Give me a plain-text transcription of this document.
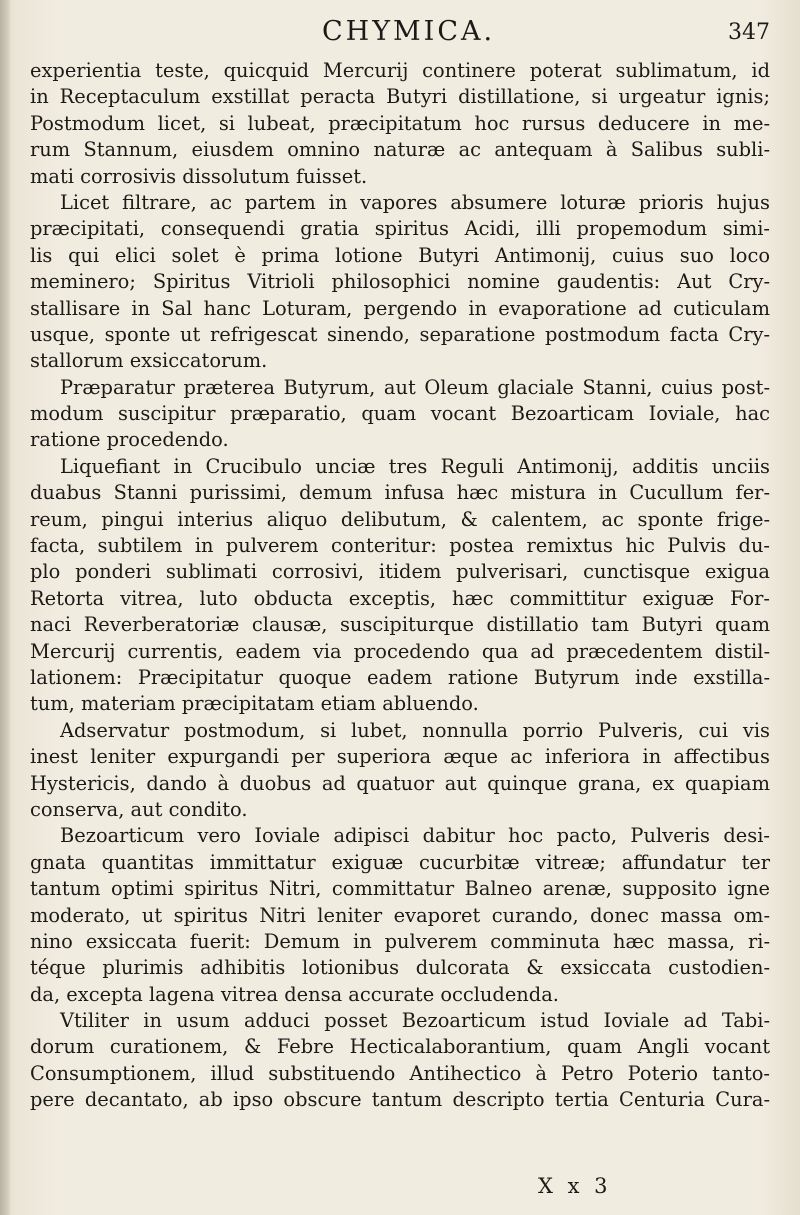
CHYMICA.	347
experientia teste, quicquid Mercurij continere poterat sublimatum, id
in Receptaculum exstillat peracta Butyri distillatione, si urgeatur ignis;
Postmodum licet, si lubeat, præcipitatum hoc rursus deducere in me-
rum Stannum, eiusdem omnino naturæ ac antequam à Salibus subli-
mati corrosivis dissolutum fuisset.
Licet filtrare, ac partem in vapores absumere loturæ prioris hujus
præcipitati, consequendi gratia spiritus Acidi, illi propemodum simi-
lis qui elici solet è prima lotione Butyri Antimonij, cuius suo loco
meminero; Spiritus Vitrioli philosophici nomine gaudentis: Aut Cry-
stallisare in Sal hanc Loturam, pergendo in evaporatione ad cuticulam
usque, sponte ut refrigescat sinendo, separatione postmodum facta Cry-
stallorum exsiccatorum.
Præparatur præterea Butyrum, aut Oleum glaciale Stanni, cuius post-
modum suscipitur præparatio, quam vocant Bezoarticam Ioviale, hac
ratione procedendo.
Liquefiant in Crucibulo unciæ tres Reguli Antimonij, additis unciis
duabus Stanni purissimi, demum infusa hæc mistura in Cucullum fer-
reum, pingui interius aliquo delibutum, & calentem, ac sponte frige-
facta, subtilem in pulverem conteritur: postea remixtus hic Pulvis du-
plo ponderi sublimati corrosivi, itidem pulverisari, cunctisque exigua
Retorta vitrea, luto obducta exceptis, hæc committitur exiguæ For-
naci Reverberatoriæ clausæ, suscipiturque distillatio tam Butyri quam
Mercurij currentis, eadem via procedendo qua ad præcedentem distil-
lationem: Præcipitatur quoque eadem ratione Butyrum inde exstilla-
tum, materiam præcipitatam etiam abluendo.
Adservatur postmodum, si lubet, nonnulla porrio Pulveris, cui vis
inest leniter expurgandi per superiora æque ac inferiora in affectibus
Hystericis, dando à duobus ad quatuor aut quinque grana, ex quapiam
conserva, aut condito.
Bezoarticum vero Ioviale adipisci dabitur hoc pacto, Pulveris desi-
gnata quantitas immittatur exiguæ cucurbitæ vitreæ; affundatur ter
tantum optimi spiritus Nitri, committatur Balneo arenæ, supposito igne
moderato, ut spiritus Nitri leniter evaporet curando, donec massa om-
nino exsiccata fuerit: Demum in pulverem comminuta hæc massa, ri-
téque plurimis adhibitis lotionibus dulcorata & exsiccata custodien-
da, excepta lagena vitrea densa accurate occludenda.
Vtiliter in usum adduci posset Bezoarticum istud Ioviale ad Tabi-
dorum curationem, & Febre Hecticalaborantium, quam Angli vocant
Consumptionem, illud substituendo Antihectico à Petro Poterio tanto-
pere decantato, ab ipso obscure tantum descripto tertia Centuria Cura-
X x 3
